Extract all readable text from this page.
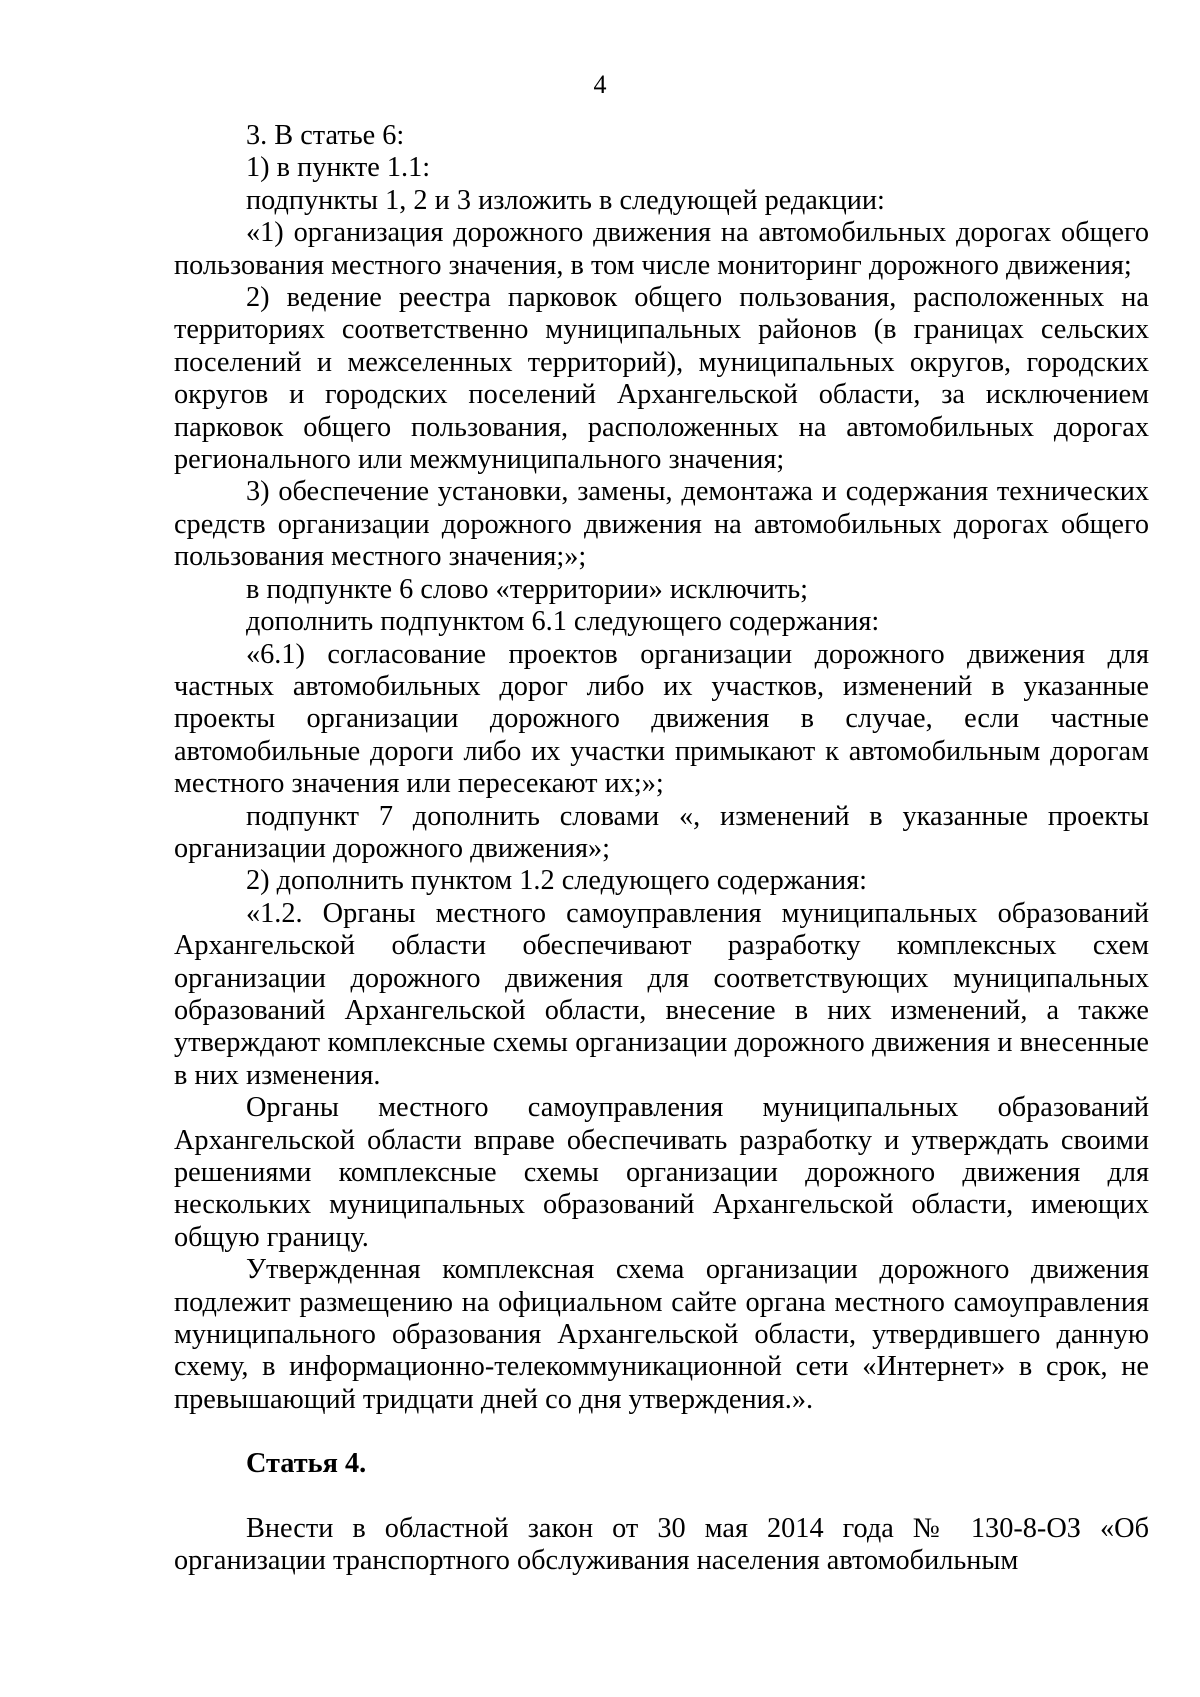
4

3. В статье 6:

1) в пункте 1.1:

подпункты 1, 2 и 3 изложить в следующей редакции:

«1) организация дорожного движения на автомобильных дорогах общего пользования местного значения, в том числе мониторинг дорожного движения;

2) ведение реестра парковок общего пользования, расположенных на территориях соответственно муниципальных районов (в границах сельских поселений и межселенных территорий), муниципальных округов, городских округов и городских поселений Архангельской области, за исключением парковок общего пользования, расположенных на автомобильных дорогах регионального или межмуниципального значения;

3) обеспечение установки, замены, демонтажа и содержания технических средств организации дорожного движения на автомобильных дорогах общего пользования местного значения;»;

в подпункте 6 слово «территории» исключить;

дополнить подпунктом 6.1 следующего содержания:

«6.1) согласование проектов организации дорожного движения для частных автомобильных дорог либо их участков, изменений в указанные проекты организации дорожного движения в случае, если частные автомобильные дороги либо их участки примыкают к автомобильным дорогам местного значения или пересекают их;»;

подпункт 7 дополнить словами «, изменений в указанные проекты организации дорожного движения»;

2) дополнить пунктом 1.2 следующего содержания:

«1.2. Органы местного самоуправления муниципальных образований Архангельской области обеспечивают разработку комплексных схем организации дорожного движения для соответствующих муниципальных образований Архангельской области, внесение в них изменений, а также утверждают комплексные схемы организации дорожного движения и внесенные в них изменения.

Органы местного самоуправления муниципальных образований Архангельской области вправе обеспечивать разработку и утверждать своими решениями комплексные схемы организации дорожного движения для нескольких муниципальных образований Архангельской области, имеющих общую границу.

Утвержденная комплексная схема организации дорожного движения подлежит размещению на официальном сайте органа местного самоуправления муниципального образования Архангельской области, утвердившего данную схему, в информационно-телекоммуникационной сети «Интернет» в срок, не превышающий тридцати дней со дня утверждения.».

Статья 4.

Внести в областной закон от 30 мая 2014 года № 130-8-ОЗ «Об организации транспортного обслуживания населения автомобильным
